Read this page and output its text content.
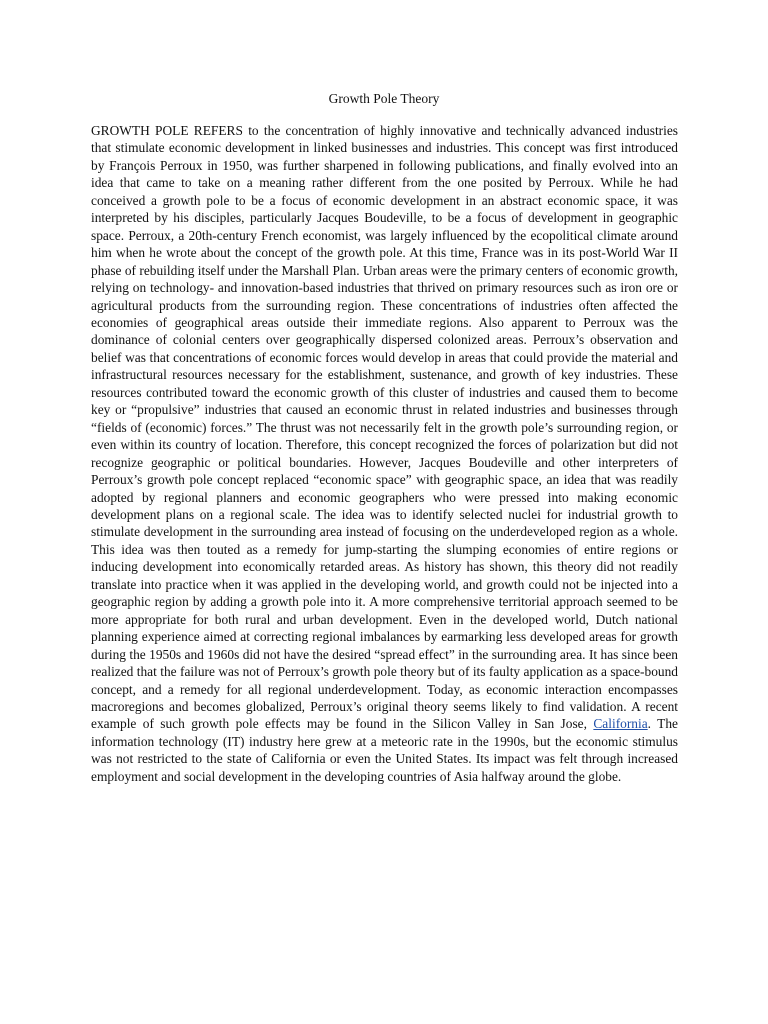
Growth Pole Theory

GROWTH POLE REFERS to the concentration of highly innovative and technically advanced industries that stimulate economic development in linked businesses and industries. This concept was first introduced by François Perroux in 1950, was further sharpened in following publications, and finally evolved into an idea that came to take on a meaning rather different from the one posited by Perroux. While he had conceived a growth pole to be a focus of economic development in an abstract economic space, it was interpreted by his disciples, particularly Jacques Boudeville, to be a focus of development in geographic space. Perroux, a 20th-century French economist, was largely influenced by the ecopolitical climate around him when he wrote about the concept of the growth pole. At this time, France was in its post-World War II phase of rebuilding itself under the Marshall Plan. Urban areas were the primary centers of economic growth, relying on technology- and innovation-based industries that thrived on primary resources such as iron ore or agricultural products from the surrounding region. These concentrations of industries often affected the economies of geographical areas outside their immediate regions. Also apparent to Perroux was the dominance of colonial centers over geographically dispersed colonized areas. Perroux’s observation and belief was that concentrations of economic forces would develop in areas that could provide the material and infrastructural resources necessary for the establishment, sustenance, and growth of key industries. These resources contributed toward the economic growth of this cluster of industries and caused them to become key or “propulsive” industries that caused an economic thrust in related industries and businesses through “fields of (economic) forces.” The thrust was not necessarily felt in the growth pole’s surrounding region, or even within its country of location. Therefore, this concept recognized the forces of polarization but did not recognize geographic or political boundaries. However, Jacques Boudeville and other interpreters of Perroux’s growth pole concept replaced “economic space” with geographic space, an idea that was readily adopted by regional planners and economic geographers who were pressed into making economic development plans on a regional scale. The idea was to identify selected nuclei for industrial growth to stimulate development in the surrounding area instead of focusing on the underdeveloped region as a whole. This idea was then touted as a remedy for jump-starting the slumping economies of entire regions or inducing development into economically retarded areas. As history has shown, this theory did not readily translate into practice when it was applied in the developing world, and growth could not be injected into a geographic region by adding a growth pole into it. A more comprehensive territorial approach seemed to be more appropriate for both rural and urban development. Even in the developed world, Dutch national planning experience aimed at correcting regional imbalances by earmarking less developed areas for growth during the 1950s and 1960s did not have the desired “spread effect” in the surrounding area. It has since been realized that the failure was not of Perroux’s growth pole theory but of its faulty application as a space-bound concept, and a remedy for all regional underdevelopment. Today, as economic interaction encompasses macroregions and becomes globalized, Perroux’s original theory seems likely to find validation. A recent example of such growth pole effects may be found in the Silicon Valley in San Jose, California. The information technology (IT) industry here grew at a meteoric rate in the 1990s, but the economic stimulus was not restricted to the state of California or even the United States. Its impact was felt through increased employment and social development in the developing countries of Asia halfway around the globe.
